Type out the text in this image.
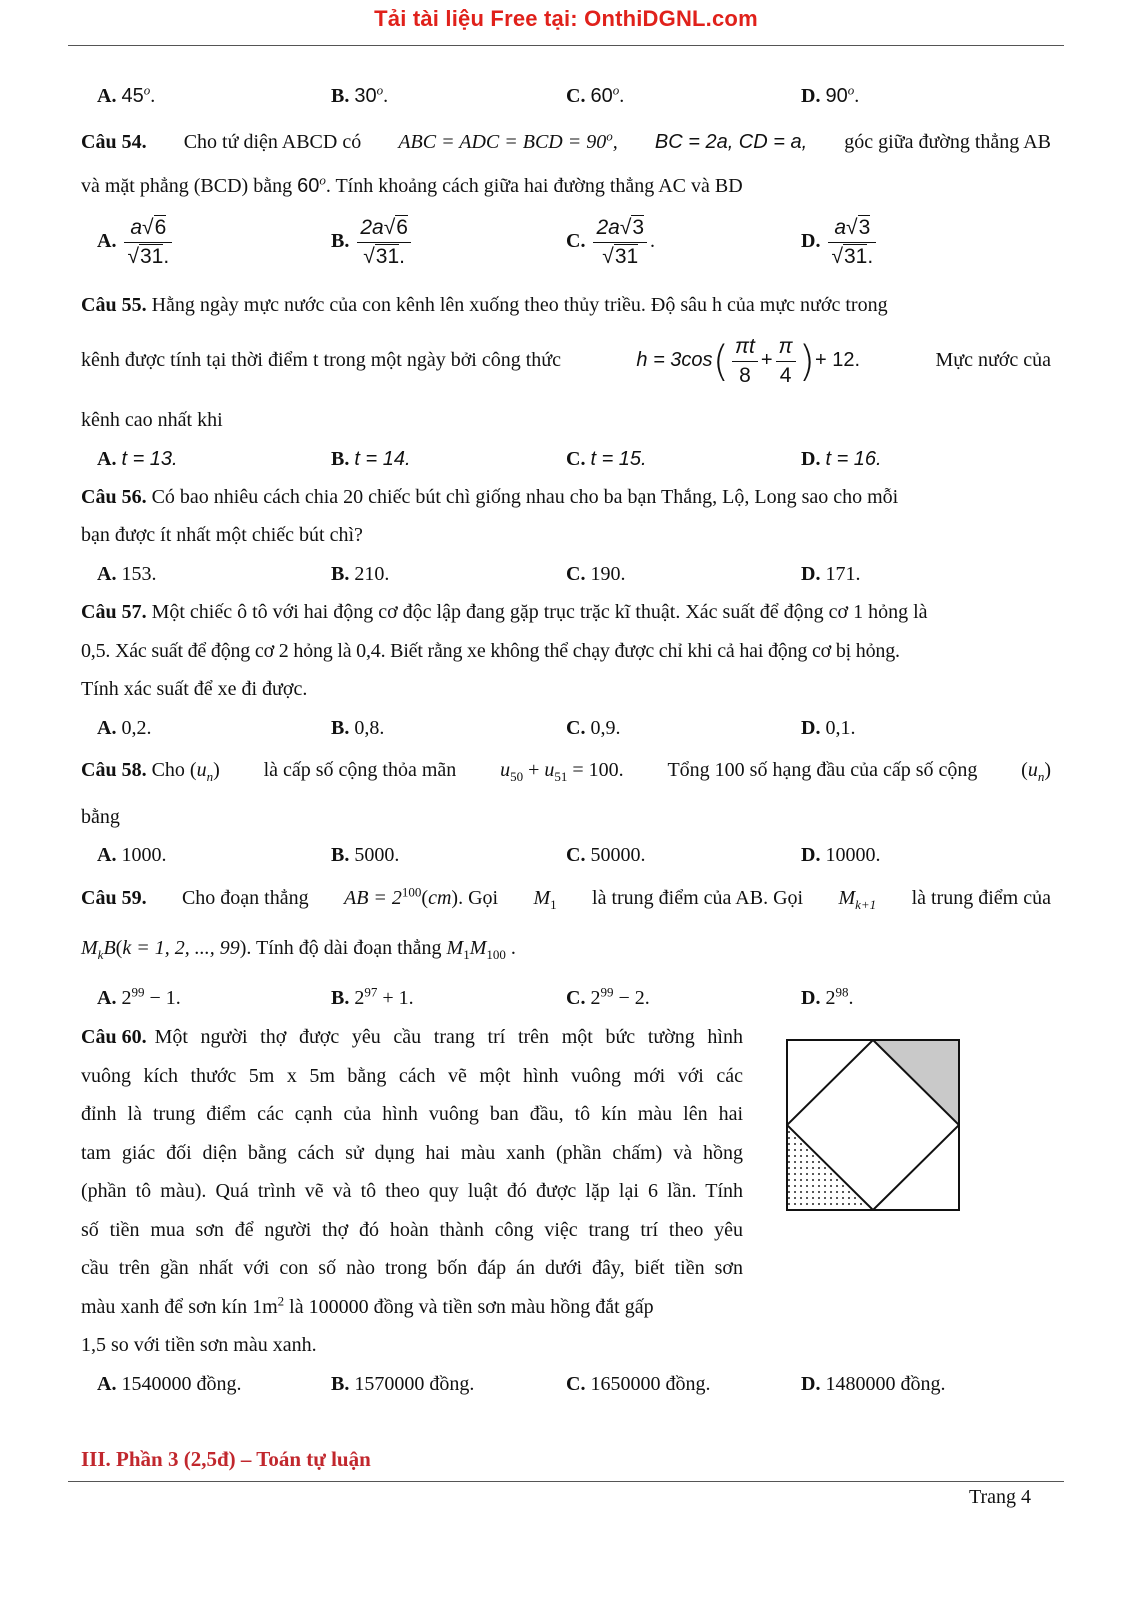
Tải tài liệu Free tại: OnthiDGNL.com
A. 45$^o$.	B. 30$^o$.	C. 60$^o$.	D. 90$^o$.
Câu 54. Cho tứ diện ABCD có ABC = ADC = BCD = $90^o$, BC = 2a, CD = a, góc giữa đường thẳng AB
và mặt phẳng (BCD) bằng 60$^o$. Tính khoảng cách giữa hai đường thẳng AC và BD
A. $\frac{a√6}{√31.}$	B. $\frac{2a√6}{√31.}$	C. $\frac{2a√3}{√31}$ .	D. $\frac{a√3}{√31.}$
Câu 55. Hằng ngày mực nước của con kênh lên xuống theo thủy triều. Độ sâu h của mực nước trong
kênh được tính tại thời điểm t trong một ngày bởi công thức	$h = 3\cos( \frac{\pi t}{8} + \frac{\pi}{4}$ )+ 12.	Mực nước của
kênh cao nhất khi
A. t = 13.	B. t = 14.	C. t = 15.	D. t = 16.
Câu 56. Có bao nhiêu cách chia 20 chiếc bút chì giống nhau cho ba bạn Thắng, Lộ, Long sao cho mỗi
bạn được ít nhất một chiếc bút chì?
A. 153.	B. 210.	C. 190.	D. 171.
Câu 57. Một chiếc ô tô với hai động cơ độc lập đang gặp trục trặc kĩ thuật. Xác suất để động cơ 1 hỏng là
0,5. Xác suất để động cơ 2 hỏng là 0,4. Biết rằng xe không thể chạy được chỉ khi cả hai động cơ bị hỏng.
Tính xác suất để xe đi được.
A. 0,2.	B. 0,8.	C. 0,9.	D. 0,1.
Câu 58. Cho $(u_n)$ là cấp số cộng thỏa mãn $u_{50} + u_{51} = 100$. Tổng 100 số hạng đầu của cấp số cộng $(u_n)$
bằng
A. 1000.	B. 5000.	C. 50000.	D. 10000.
Câu 59. Cho đoạn thẳng AB = $2^{100}(cm)$. Gọi $M_1$ là trung điểm của AB. Gọi $M_{k+1}$ là trung điểm của
$M_kB(k = 1$, 2, ..., 99). Tính độ dài đoạn thẳng $M_1M_{100}$ .
A. $2^{99} - 1$.	B. $2^{97} + 1$.	C. $2^{99} - 2$.	D. $2^{98}$.
Câu 60. Một người thợ được yêu cầu trang trí trên một bức tường hình
vuông kích thước 5m x 5m bằng cách vẽ một hình vuông mới với các
đỉnh là trung điểm các cạnh của hình vuông ban đầu, tô kín màu lên hai
tam giác đối diện bằng cách sử dụng hai màu xanh (phần chấm) và hồng
(phần tô màu). Quá trình vẽ và tô theo quy luật đó được lặp lại 6 lần. Tính
số tiền mua sơn để người thợ đó hoàn thành công việc trang trí theo yêu
cầu trên gần nhất với con số nào trong bốn đáp án dưới đây, biết tiền sơn
màu xanh để sơn kín $1m^2$ là 100000 đồng và tiền sơn màu hồng đắt gấp
1,5 so với tiền sơn màu xanh.
A. 1540000 đồng.	B. 1570000 đồng.	C. 1650000 đồng.	D. 1480000 đồng.
III. Phần 3 (2,5đ) – Toán tự luận
Trang 4
